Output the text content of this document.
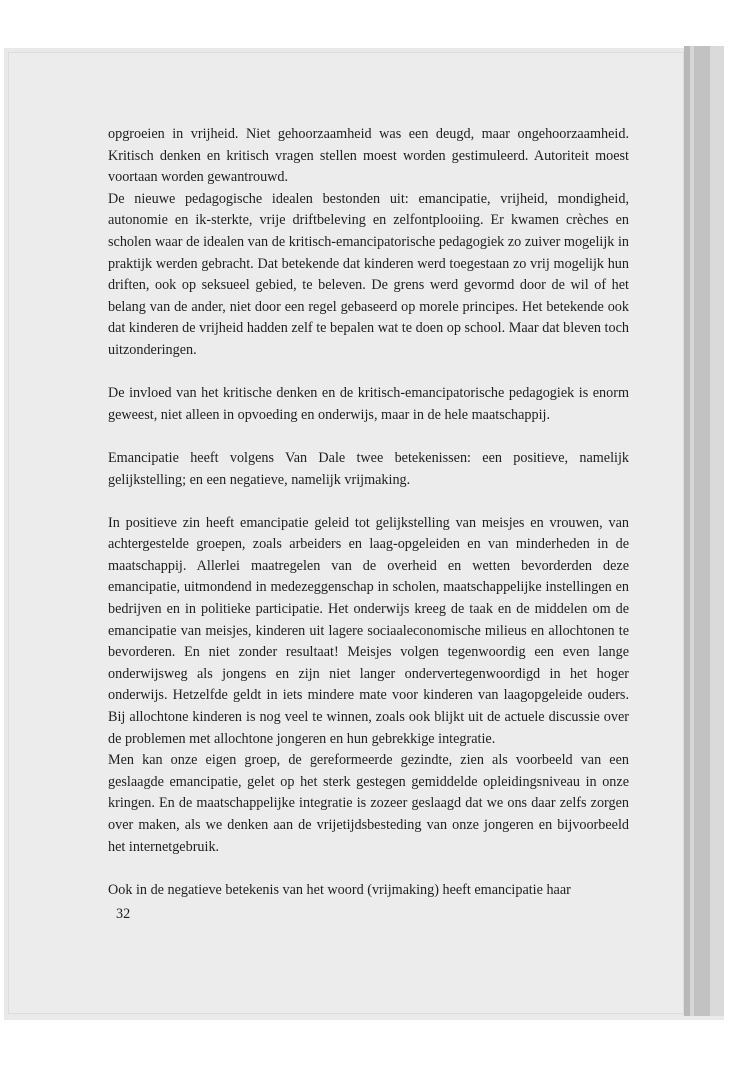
opgroeien in vrijheid. Niet gehoorzaamheid was een deugd, maar ongehoorzaamheid. Kritisch denken en kritisch vragen stellen moest worden gestimuleerd. Autoriteit moest voortaan worden gewantrouwd.

De nieuwe pedagogische idealen bestonden uit: emancipatie, vrijheid, mondigheid, autonomie en ik-sterkte, vrije driftbeleving en zelfontplooiing. Er kwamen crèches en scholen waar de idealen van de kritisch-emancipatorische pedagogiek zo zuiver mogelijk in praktijk werden gebracht. Dat betekende dat kinderen werd toegestaan zo vrij mogelijk hun driften, ook op seksueel gebied, te beleven. De grens werd gevormd door de wil of het belang van de ander, niet door een regel gebaseerd op morele principes. Het betekende ook dat kinderen de vrijheid hadden zelf te bepalen wat te doen op school. Maar dat bleven toch uitzonderingen.

De invloed van het kritische denken en de kritisch-emancipatorische pedagogiek is enorm geweest, niet alleen in opvoeding en onderwijs, maar in de hele maatschappij.

Emancipatie heeft volgens Van Dale twee betekenissen: een positieve, namelijk gelijkstelling; en een negatieve, namelijk vrijmaking.

In positieve zin heeft emancipatie geleid tot gelijkstelling van meisjes en vrouwen, van achtergestelde groepen, zoals arbeiders en laag-opgeleiden en van minderheden in de maatschappij. Allerlei maatregelen van de overheid en wetten bevorderden deze emancipatie, uitmondend in medezeggenschap in scholen, maatschappelijke instellingen en bedrijven en in politieke participatie. Het onderwijs kreeg de taak en de middelen om de emancipatie van meisjes, kinderen uit lagere sociaaleconomische milieus en allochtonen te bevorderen. En niet zonder resultaat! Meisjes volgen tegenwoordig een even lange onderwijsweg als jongens en zijn niet langer ondervertegenwoordigd in het hoger onderwijs. Hetzelfde geldt in iets mindere mate voor kinderen van laagopgeleide ouders. Bij allochtone kinderen is nog veel te winnen, zoals ook blijkt uit de actuele discussie over de problemen met allochtone jongeren en hun gebrekkige integratie.

Men kan onze eigen groep, de gereformeerde gezindte, zien als voorbeeld van een geslaagde emancipatie, gelet op het sterk gestegen gemiddelde opleidingsniveau in onze kringen. En de maatschappelijke integratie is zozeer geslaagd dat we ons daar zelfs zorgen over maken, als we denken aan de vrijetijdsbesteding van onze jongeren en bijvoorbeeld het internetgebruik.

Ook in de negatieve betekenis van het woord (vrijmaking) heeft emancipatie haar

32
